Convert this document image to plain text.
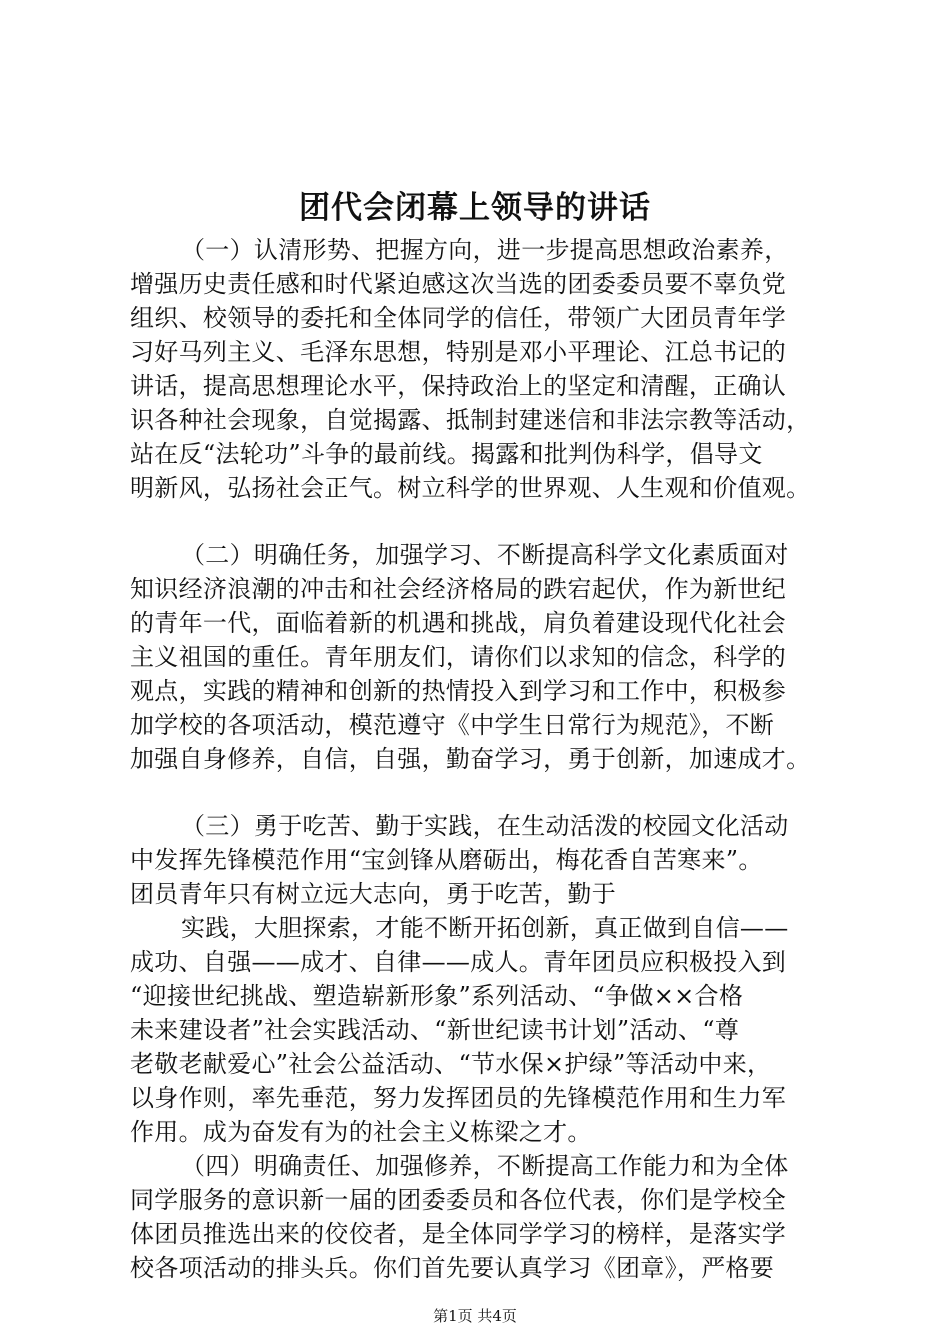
团代会闭幕上领导的讲话
（一）认清形势、把握方向，进一步提高思想政治素养，
增强历史责任感和时代紧迫感这次当选的团委委员要不辜负党
组织、校领导的委托和全体同学的信任，带领广大团员青年学
习好马列主义、毛泽东思想，特别是邓小平理论、江总书记的
讲话，提高思想理论水平，保持政治上的坚定和清醒，正确认
识各种社会现象，自觉揭露、抵制封建迷信和非法宗教等活动，
站在反“法轮功”斗争的最前线。揭露和批判伪科学，倡导文
明新风，弘扬社会正气。树立科学的世界观、人生观和价值观。
（二）明确任务，加强学习、不断提高科学文化素质面对
知识经济浪潮的冲击和社会经济格局的跌宕起伏，作为新世纪
的青年一代，面临着新的机遇和挑战，肩负着建设现代化社会
主义祖国的重任。青年朋友们，请你们以求知的信念，科学的
观点，实践的精神和创新的热情投入到学习和工作中，积极参
加学校的各项活动，模范遵守《中学生日常行为规范》，不断
加强自身修养，自信，自强，勤奋学习，勇于创新，加速成才。
（三）勇于吃苦、勤于实践，在生动活泼的校园文化活动
中发挥先锋模范作用“宝剑锋从磨砺出，梅花香自苦寒来”。
团员青年只有树立远大志向，勇于吃苦，勤于
实践，大胆探索，才能不断开拓创新，真正做到自信——
成功、自强——成才、自律——成人。青年团员应积极投入到
“迎接世纪挑战、塑造崭新形象”系列活动、“争做××合格
未来建设者”社会实践活动、“新世纪读书计划”活动、“尊
老敬老献爱心”社会公益活动、“节水保×护绿”等活动中来，
以身作则，率先垂范，努力发挥团员的先锋模范作用和生力军
作用。成为奋发有为的社会主义栋梁之才。
（四）明确责任、加强修养，不断提高工作能力和为全体
同学服务的意识新一届的团委委员和各位代表，你们是学校全
体团员推选出来的佼佼者，是全体同学学习的榜样，是落实学
校各项活动的排头兵。你们首先要认真学习《团章》，严格要
第1页 共4页
